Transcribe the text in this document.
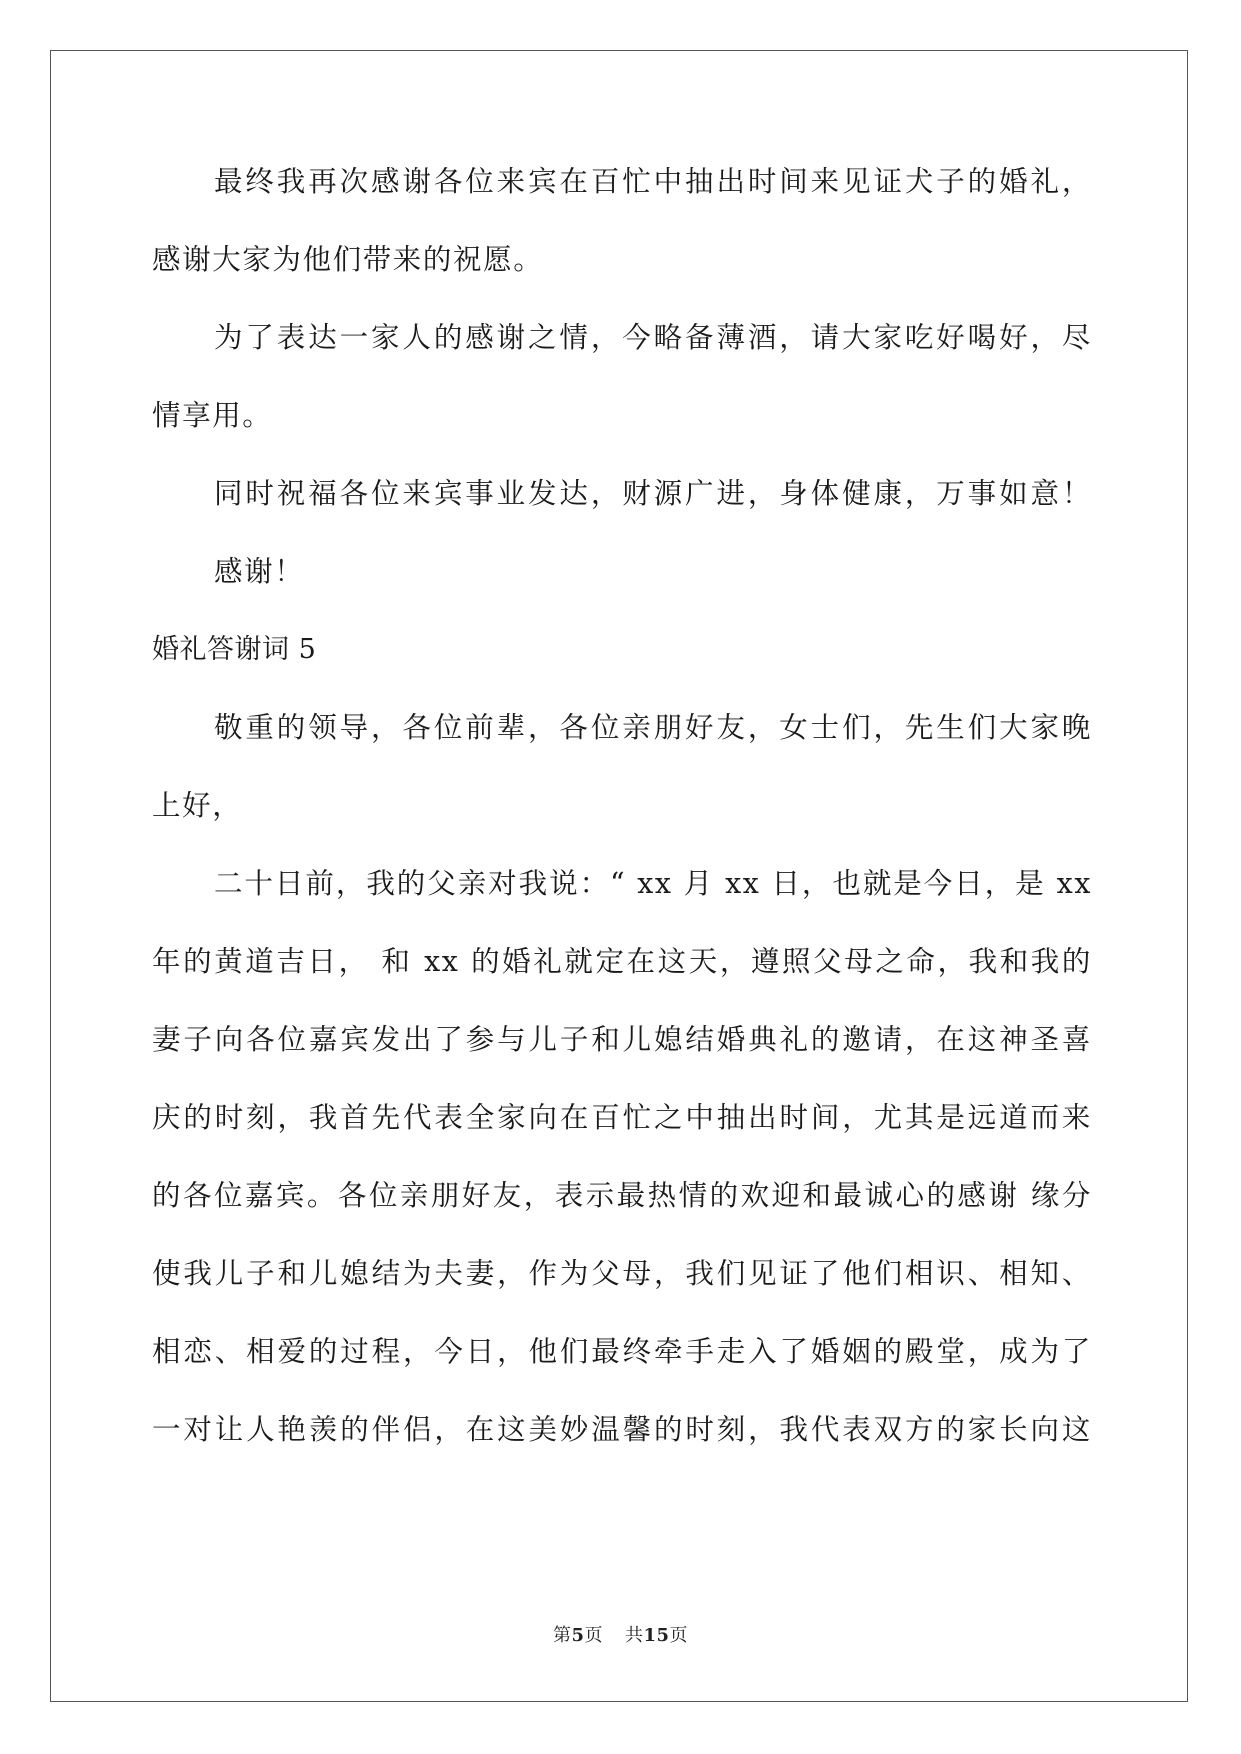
最终我再次感谢各位来宾在百忙中抽出时间来见证犬子的婚礼，
感谢大家为他们带来的祝愿。
为了表达一家人的感谢之情，今略备薄酒，请大家吃好喝好，尽
情享用。
同时祝福各位来宾事业发达，财源广进，身体健康，万事如意！
感谢！
婚礼答谢词 5
敬重的领导，各位前辈，各位亲朋好友，女士们，先生们大家晚
上好，
二十日前，我的父亲对我说：“ xx 月 xx 日，也就是今日，是 xx
年的黄道吉日， 和 xx 的婚礼就定在这天，遵照父母之命，我和我的
妻子向各位嘉宾发出了参与儿子和儿媳结婚典礼的邀请，在这神圣喜
庆的时刻，我首先代表全家向在百忙之中抽出时间，尤其是远道而来
的各位嘉宾。各位亲朋好友，表示最热情的欢迎和最诚心的感谢 缘分
使我儿子和儿媳结为夫妻，作为父母，我们见证了他们相识、相知、
相恋、相爱的过程，今日，他们最终牵手走入了婚姻的殿堂，成为了
一对让人艳羡的伴侣，在这美妙温馨的时刻，我代表双方的家长向这
第5页 共15页
